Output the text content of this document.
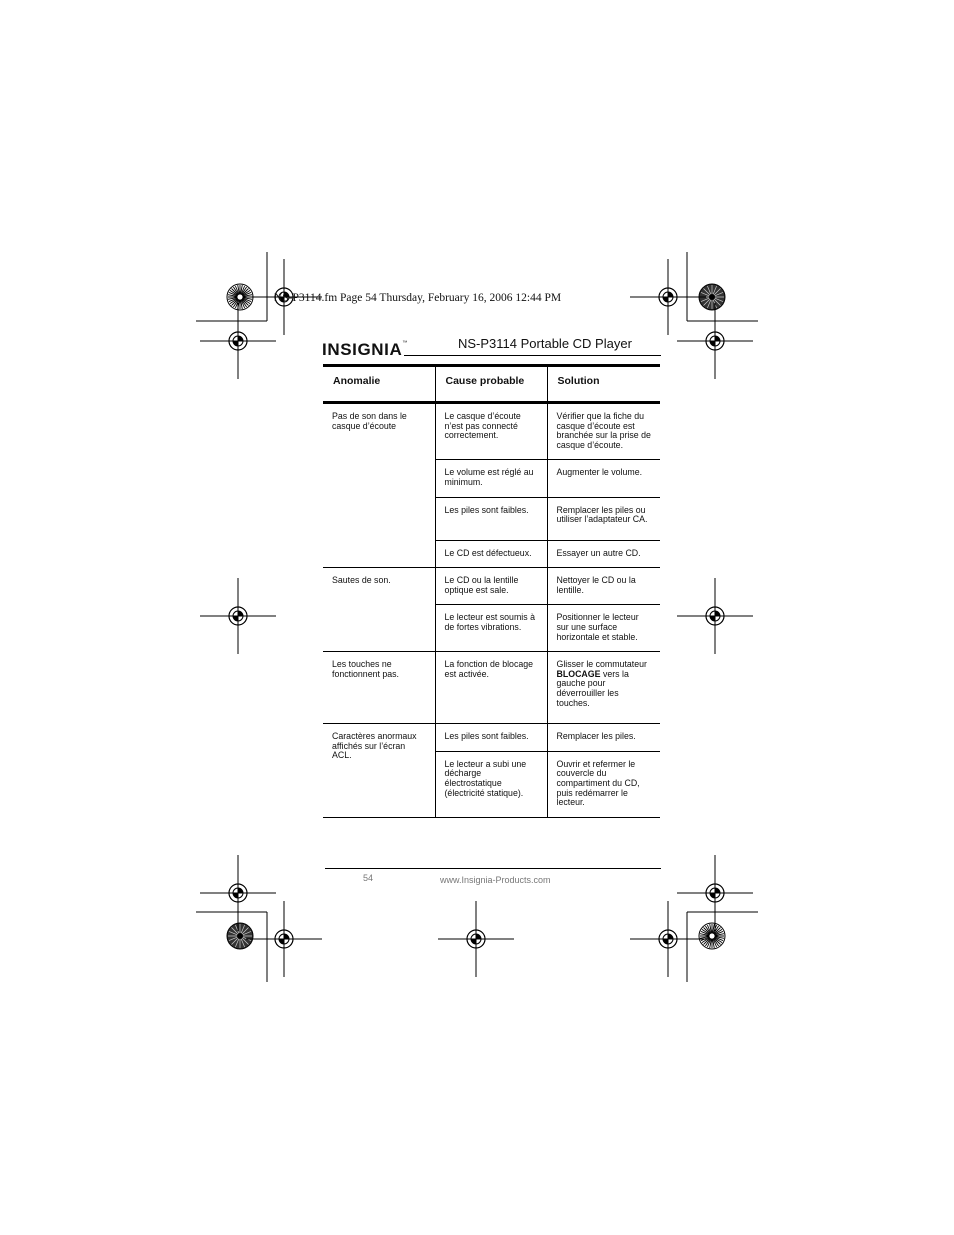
NS-P3114.fm Page 54 Thursday, February 16, 2006 12:44 PM
INSIGNIA™	NS-P3114 Portable CD Player
Anomalie	Cause probable	Solution
Pas de son dans le casque d’écoute	Le casque d’écoute n’est pas connecté correctement.	Vérifier que la fiche du casque d’écoute est branchée sur la prise de casque d’écoute.
	Le volume est réglé au minimum.	Augmenter le volume.
	Les piles sont faibles.	Remplacer les piles ou utiliser l’adaptateur CA.
	Le CD est défectueux.	Essayer un autre CD.
Sautes de son.	Le CD ou la lentille optique est sale.	Nettoyer le CD ou la lentille.
	Le lecteur est soumis à de fortes vibrations.	Positionner le lecteur sur une surface horizontale et stable.
Les touches ne fonctionnent pas.	La fonction de blocage est activée.	Glisser le commutateur
BLOCAGE vers la gauche pour déverrouiller les touches.
Caractères anormaux affichés sur l’écran ACL.	Les piles sont faibles.	Remplacer les piles.
	Le lecteur a subi une décharge électrostatique (électricité statique).	Ouvrir et refermer le couvercle du compartiment du CD, puis redémarrer le lecteur.
54	www.Insignia-Products.com
